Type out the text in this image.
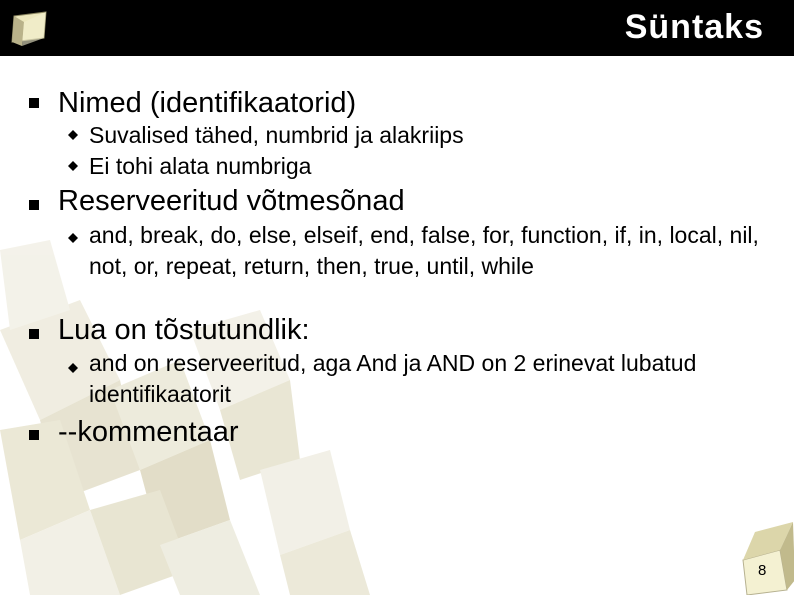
Süntaks
Nimed (identifikaatorid)
Suvalised tähed, numbrid ja alakriips
Ei tohi alata numbriga
Reserveeritud võtmesõnad
and, break, do, else, elseif, end, false, for, function, if, in, local, nil, not, or, repeat, return, then, true, until, while
Lua on tõstutundlik:
and on reserveeritud, aga And ja AND on 2 erinevat lubatud identifikaatorit
--kommentaar
8
